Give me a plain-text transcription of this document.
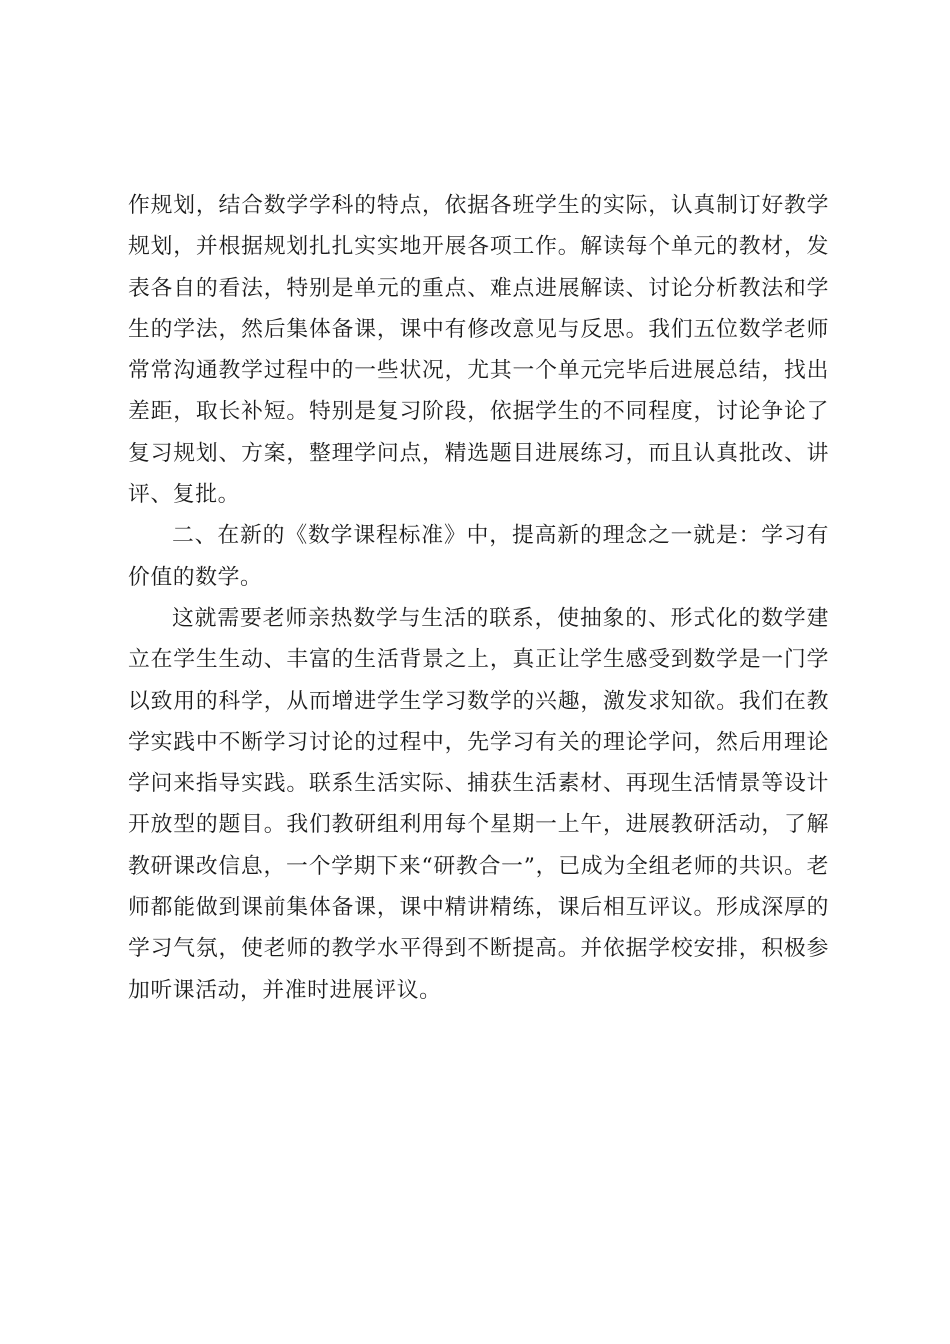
作规划，结合数学学科的特点，依据各班学生的实际，认真制订好教学规划，并根据规划扎扎实实地开展各项工作。解读每个单元的教材，发表各自的看法，特别是单元的重点、难点进展解读、讨论分析教法和学生的学法，然后集体备课，课中有修改意见与反思。我们五位数学老师常常沟通教学过程中的一些状况，尤其一个单元完毕后进展总结，找出差距，取长补短。特别是复习阶段，依据学生的不同程度，讨论争论了复习规划、方案，整理学问点，精选题目进展练习，而且认真批改、讲评、复批。

二、在新的《数学课程标准》中，提高新的理念之一就是：学习有价值的数学。

这就需要老师亲热数学与生活的联系，使抽象的、形式化的数学建立在学生生动、丰富的生活背景之上，真正让学生感受到数学是一门学以致用的科学，从而增进学生学习数学的兴趣，激发求知欲。我们在教学实践中不断学习讨论的过程中，先学习有关的理论学问，然后用理论学问来指导实践。联系生活实际、捕获生活素材、再现生活情景等设计开放型的题目。我们教研组利用每个星期一上午，进展教研活动，了解教研课改信息，一个学期下来“研教合一”，已成为全组老师的共识。老师都能做到课前集体备课，课中精讲精练，课后相互评议。形成深厚的学习气氛，使老师的教学水平得到不断提高。并依据学校安排，积极参加听课活动，并准时进展评议。
